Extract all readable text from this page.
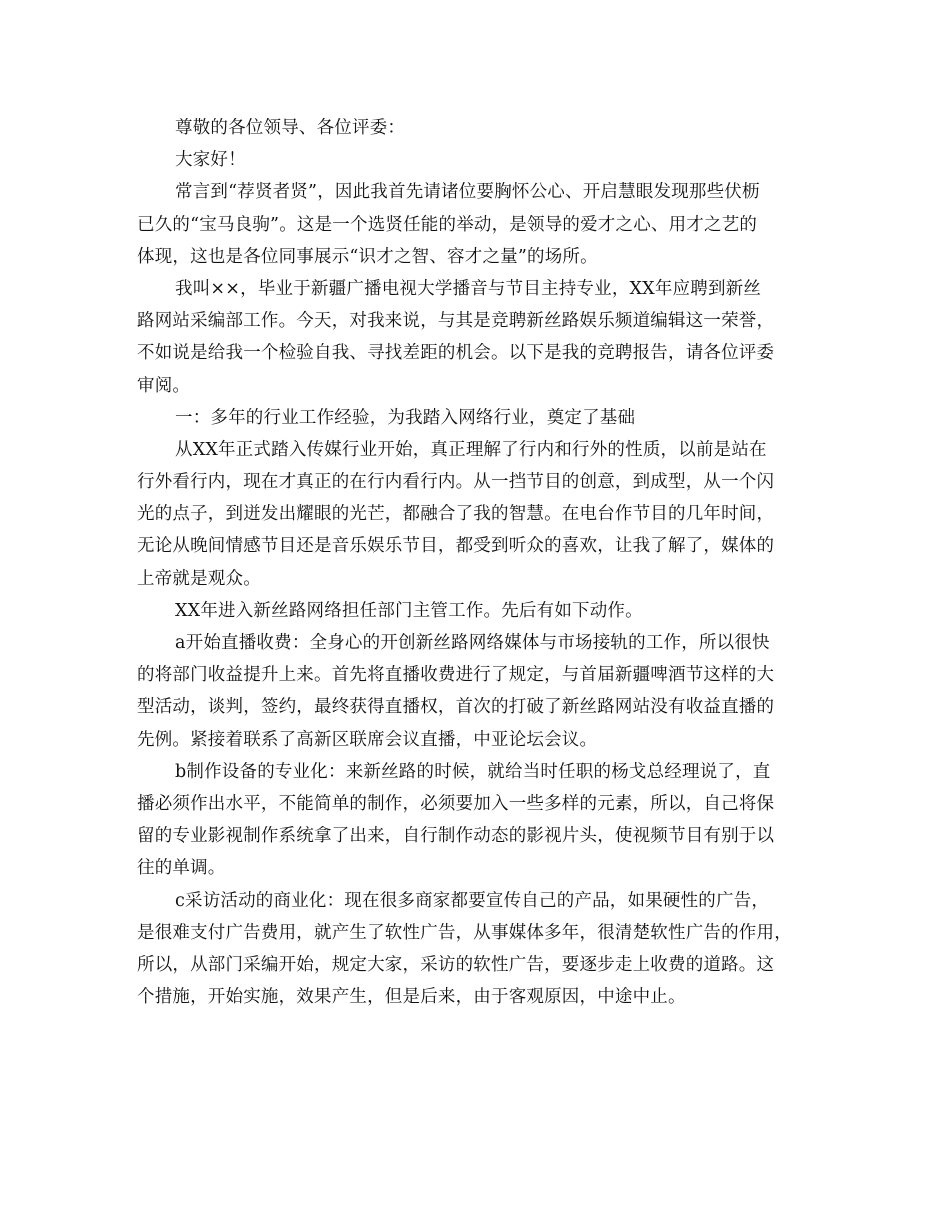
尊敬的各位领导、各位评委：
大家好！
常言到“荐贤者贤”，因此我首先请诸位要胸怀公心、开启慧眼发现那些伏枥
已久的“宝马良驹”。这是一个选贤任能的举动，是领导的爱才之心、用才之艺的
体现，这也是各位同事展示“识才之智、容才之量”的场所。
我叫××，毕业于新疆广播电视大学播音与节目主持专业，XX年应聘到新丝
路网站采编部工作。今天，对我来说，与其是竞聘新丝路娱乐频道编辑这一荣誉，
不如说是给我一个检验自我、寻找差距的机会。以下是我的竞聘报告，请各位评委
审阅。
一：多年的行业工作经验，为我踏入网络行业，奠定了基础
从XX年正式踏入传媒行业开始，真正理解了行内和行外的性质，以前是站在
行外看行内，现在才真正的在行内看行内。从一挡节目的创意，到成型，从一个闪
光的点子，到迸发出耀眼的光芒，都融合了我的智慧。在电台作节目的几年时间，
无论从晚间情感节目还是音乐娱乐节目，都受到听众的喜欢，让我了解了，媒体的
上帝就是观众。
XX年进入新丝路网络担任部门主管工作。先后有如下动作。
a开始直播收费：全身心的开创新丝路网络媒体与市场接轨的工作，所以很快
的将部门收益提升上来。首先将直播收费进行了规定，与首届新疆啤酒节这样的大
型活动，谈判，签约，最终获得直播权，首次的打破了新丝路网站没有收益直播的
先例。紧接着联系了高新区联席会议直播，中亚论坛会议。
b制作设备的专业化：来新丝路的时候，就给当时任职的杨戈总经理说了，直
播必须作出水平，不能简单的制作，必须要加入一些多样的元素，所以，自己将保
留的专业影视制作系统拿了出来，自行制作动态的影视片头，使视频节目有别于以
往的单调。
c采访活动的商业化：现在很多商家都要宣传自己的产品，如果硬性的广告，
是很难支付广告费用，就产生了软性广告，从事媒体多年，很清楚软性广告的作用，
所以，从部门采编开始，规定大家，采访的软性广告，要逐步走上收费的道路。这
个措施，开始实施，效果产生，但是后来，由于客观原因，中途中止。
